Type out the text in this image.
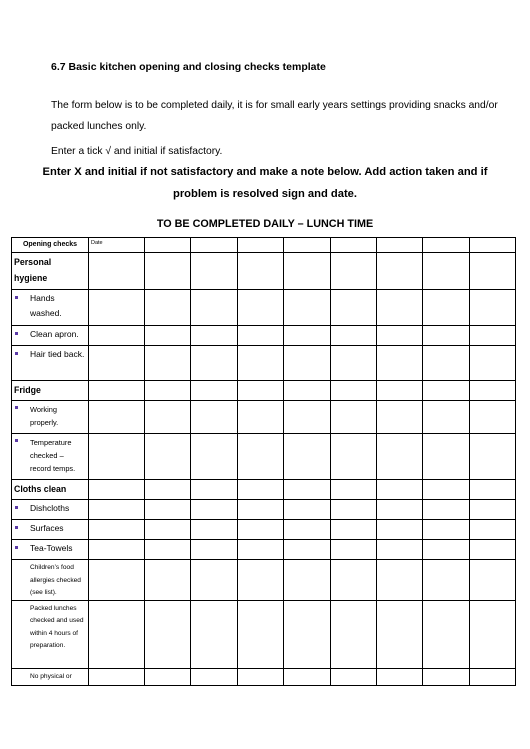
6.7 Basic kitchen opening and closing checks template
The form below is to be completed daily, it is for small early years settings providing snacks and/or packed lunches only.
Enter a tick √ and initial if satisfactory.
Enter X and initial if not satisfactory and make a note below. Add action taken and if problem is resolved sign and date.
TO BE COMPLETED DAILY – LUNCH TIME
Opening checks	Date								
Personal hygiene									

Hands washed.									

Clean apron.									

Hair tied back.									
Fridge									

Working properly.									

Temperature checked – record temps.									
Cloths clean									

Dishcloths									

Surfaces									

Tea-Towels									
Children’s food allergies checked (see list).									
Packed lunches checked and used within 4 hours of preparation.									
No physical or									
